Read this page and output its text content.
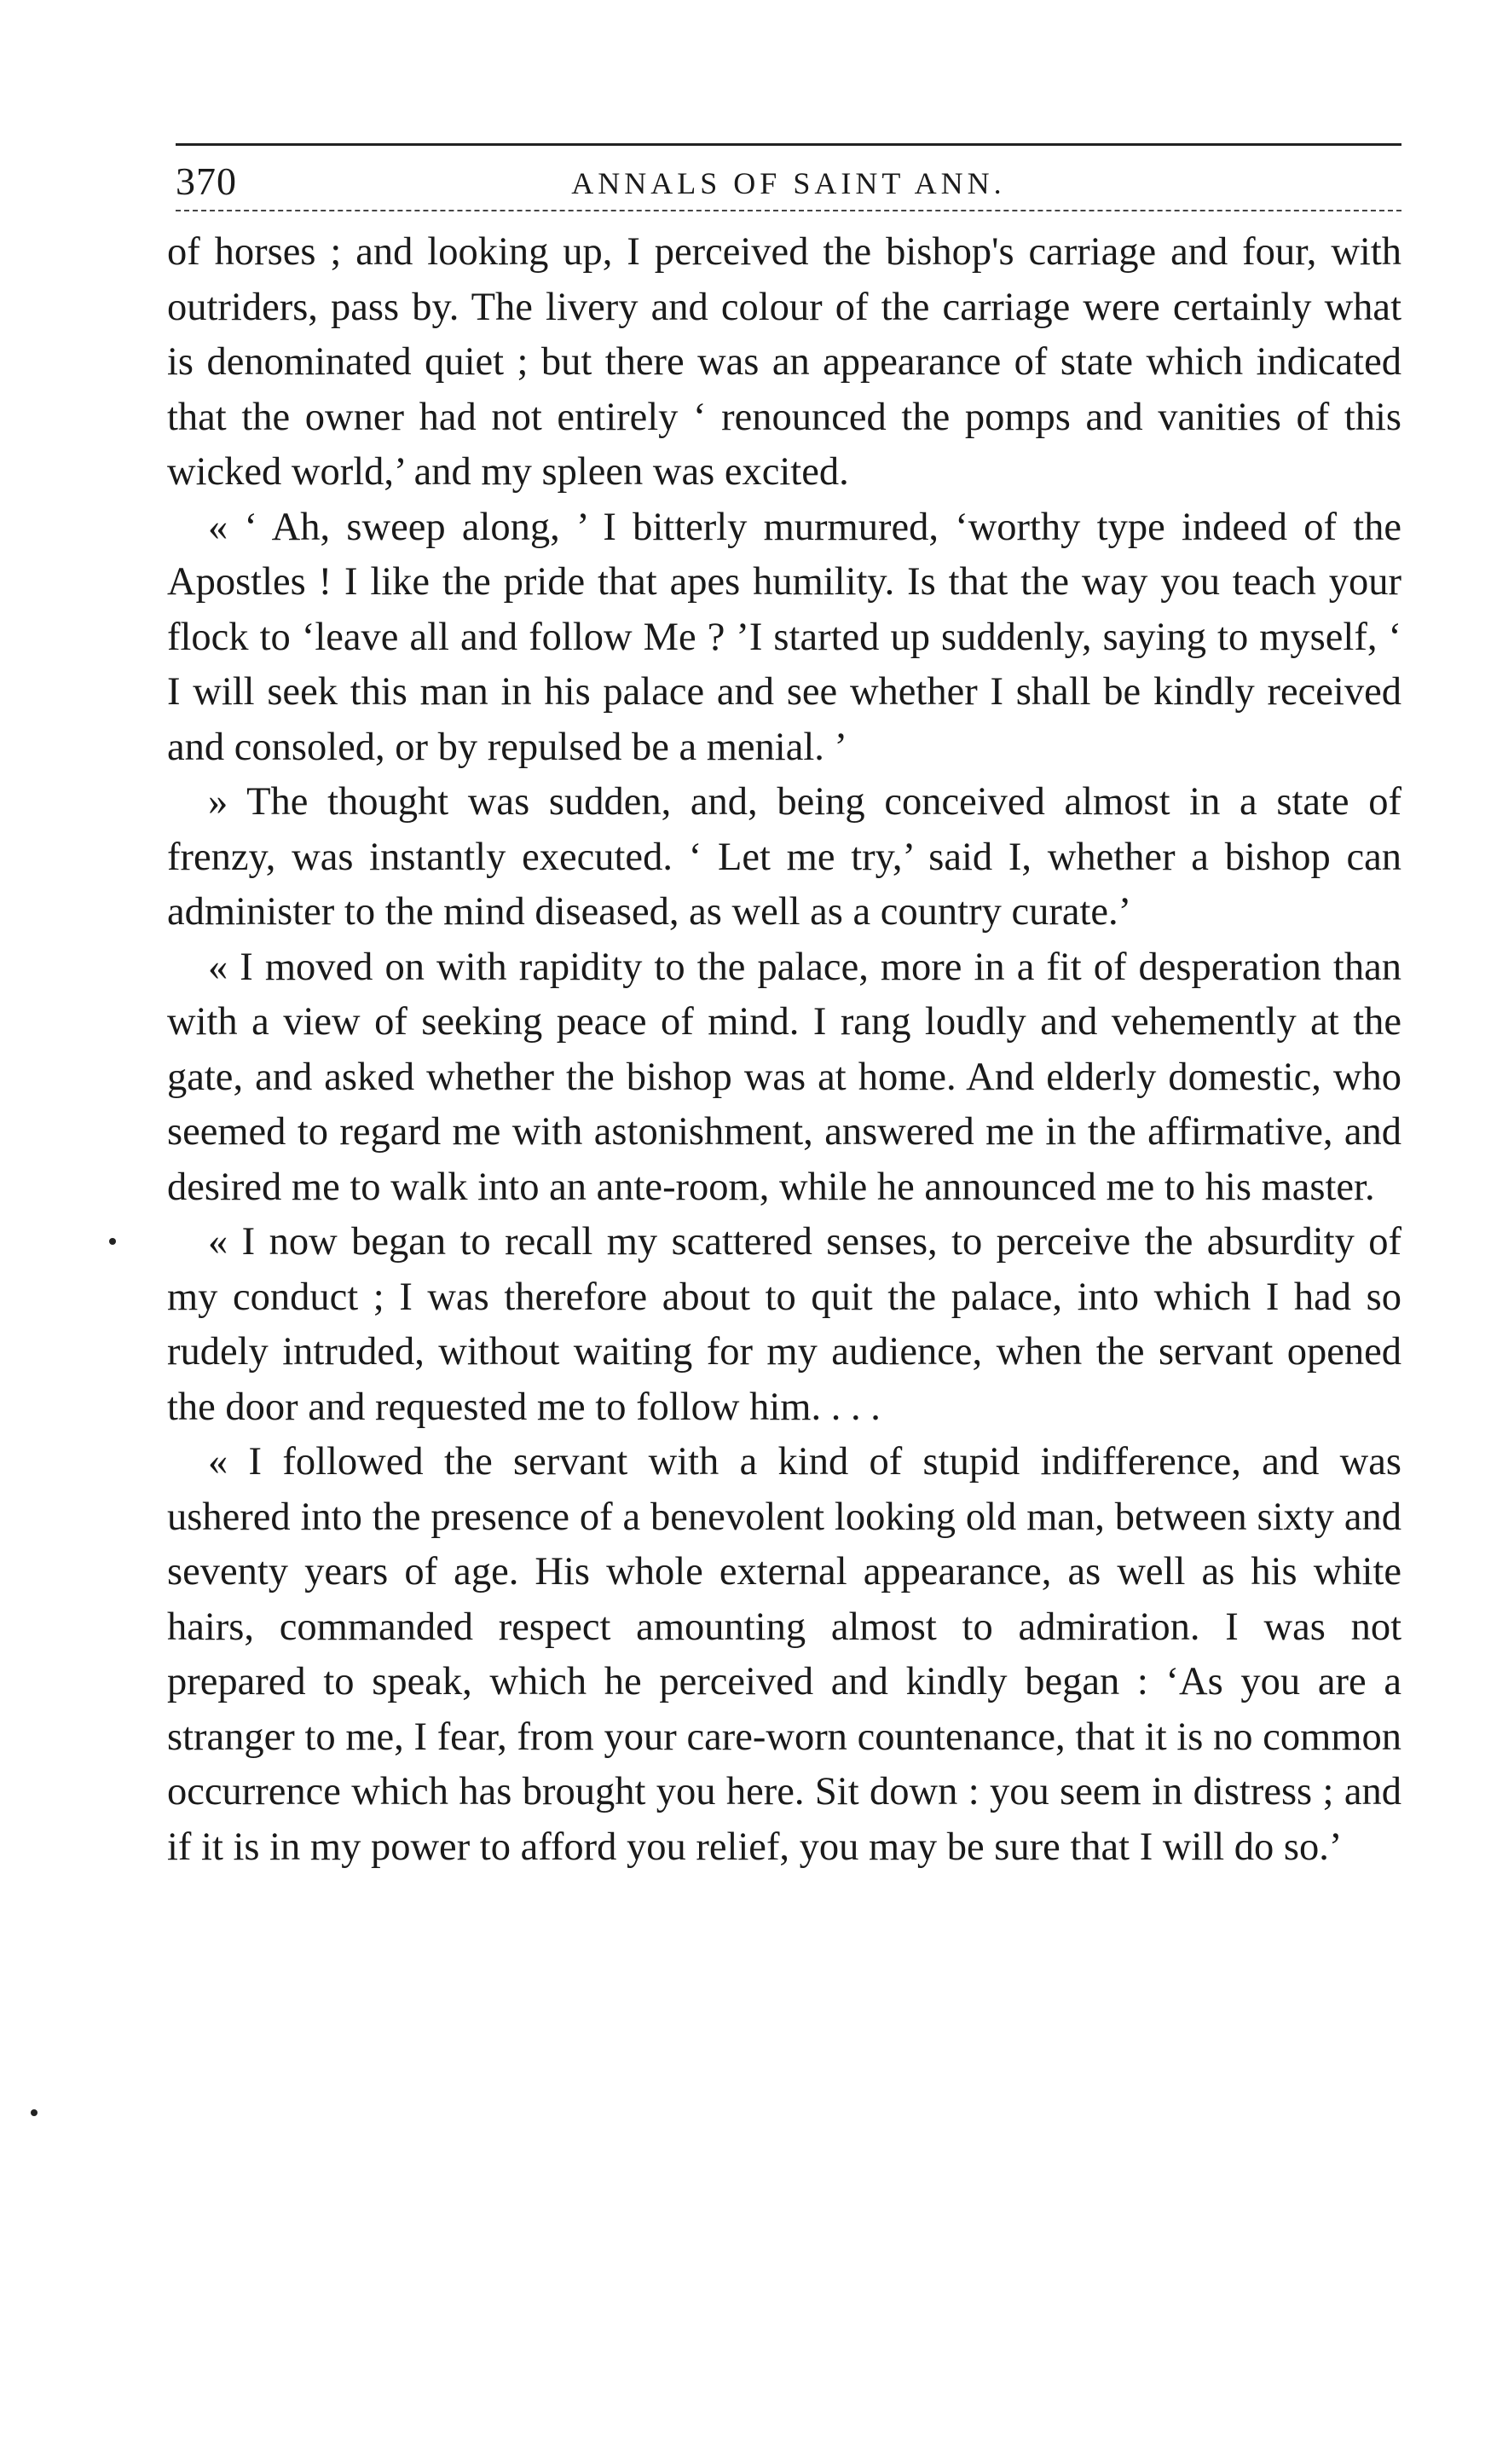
370	ANNALS OF SAINT ANN.

of horses ; and looking up, I perceived the bishop's carriage and four, with outriders, pass by. The livery and colour of the carriage were certainly what is denominated quiet ; but there was an appearance of state which indicated that the owner had not entirely ‘ renounced the pomps and vanities of this wicked world,’ and my spleen was excited.

« ‘ Ah, sweep along, ’ I bitterly murmured, ‘worthy type indeed of the Apostles ! I like the pride that apes humility. Is that the way you teach your flock to ‘leave all and follow Me ? ’I started up suddenly, saying to myself, ‘ I will seek this man in his palace and see whether I shall be kindly received and consoled, or by repulsed be a menial. ’

» The thought was sudden, and, being conceived almost in a state of frenzy, was instantly executed. ‘ Let me try,’ said I, whether a bishop can administer to the mind diseased, as well as a country curate.’

« I moved on with rapidity to the palace, more in a fit of desperation than with a view of seeking peace of mind. I rang loudly and vehemently at the gate, and asked whether the bishop was at home. And elderly domestic, who seemed to regard me with astonishment, answered me in the affirmative, and desired me to walk into an ante-room, while he announced me to his master.

« I now began to recall my scattered senses, to perceive the absurdity of my conduct ; I was therefore about to quit the palace, into which I had so rudely intruded, without waiting for my audience, when the servant opened the door and requested me to follow him. . . .

« I followed the servant with a kind of stupid indifference, and was ushered into the presence of a benevolent looking old man, between sixty and seventy years of age. His whole external appearance, as well as his white hairs, commanded respect amounting almost to admiration. I was not prepared to speak, which he perceived and kindly began : ‘As you are a stranger to me, I fear, from your care-worn countenance, that it is no common occurrence which has brought you here. Sit down : you seem in distress ; and if it is in my power to afford you relief, you may be sure that I will do so.’
